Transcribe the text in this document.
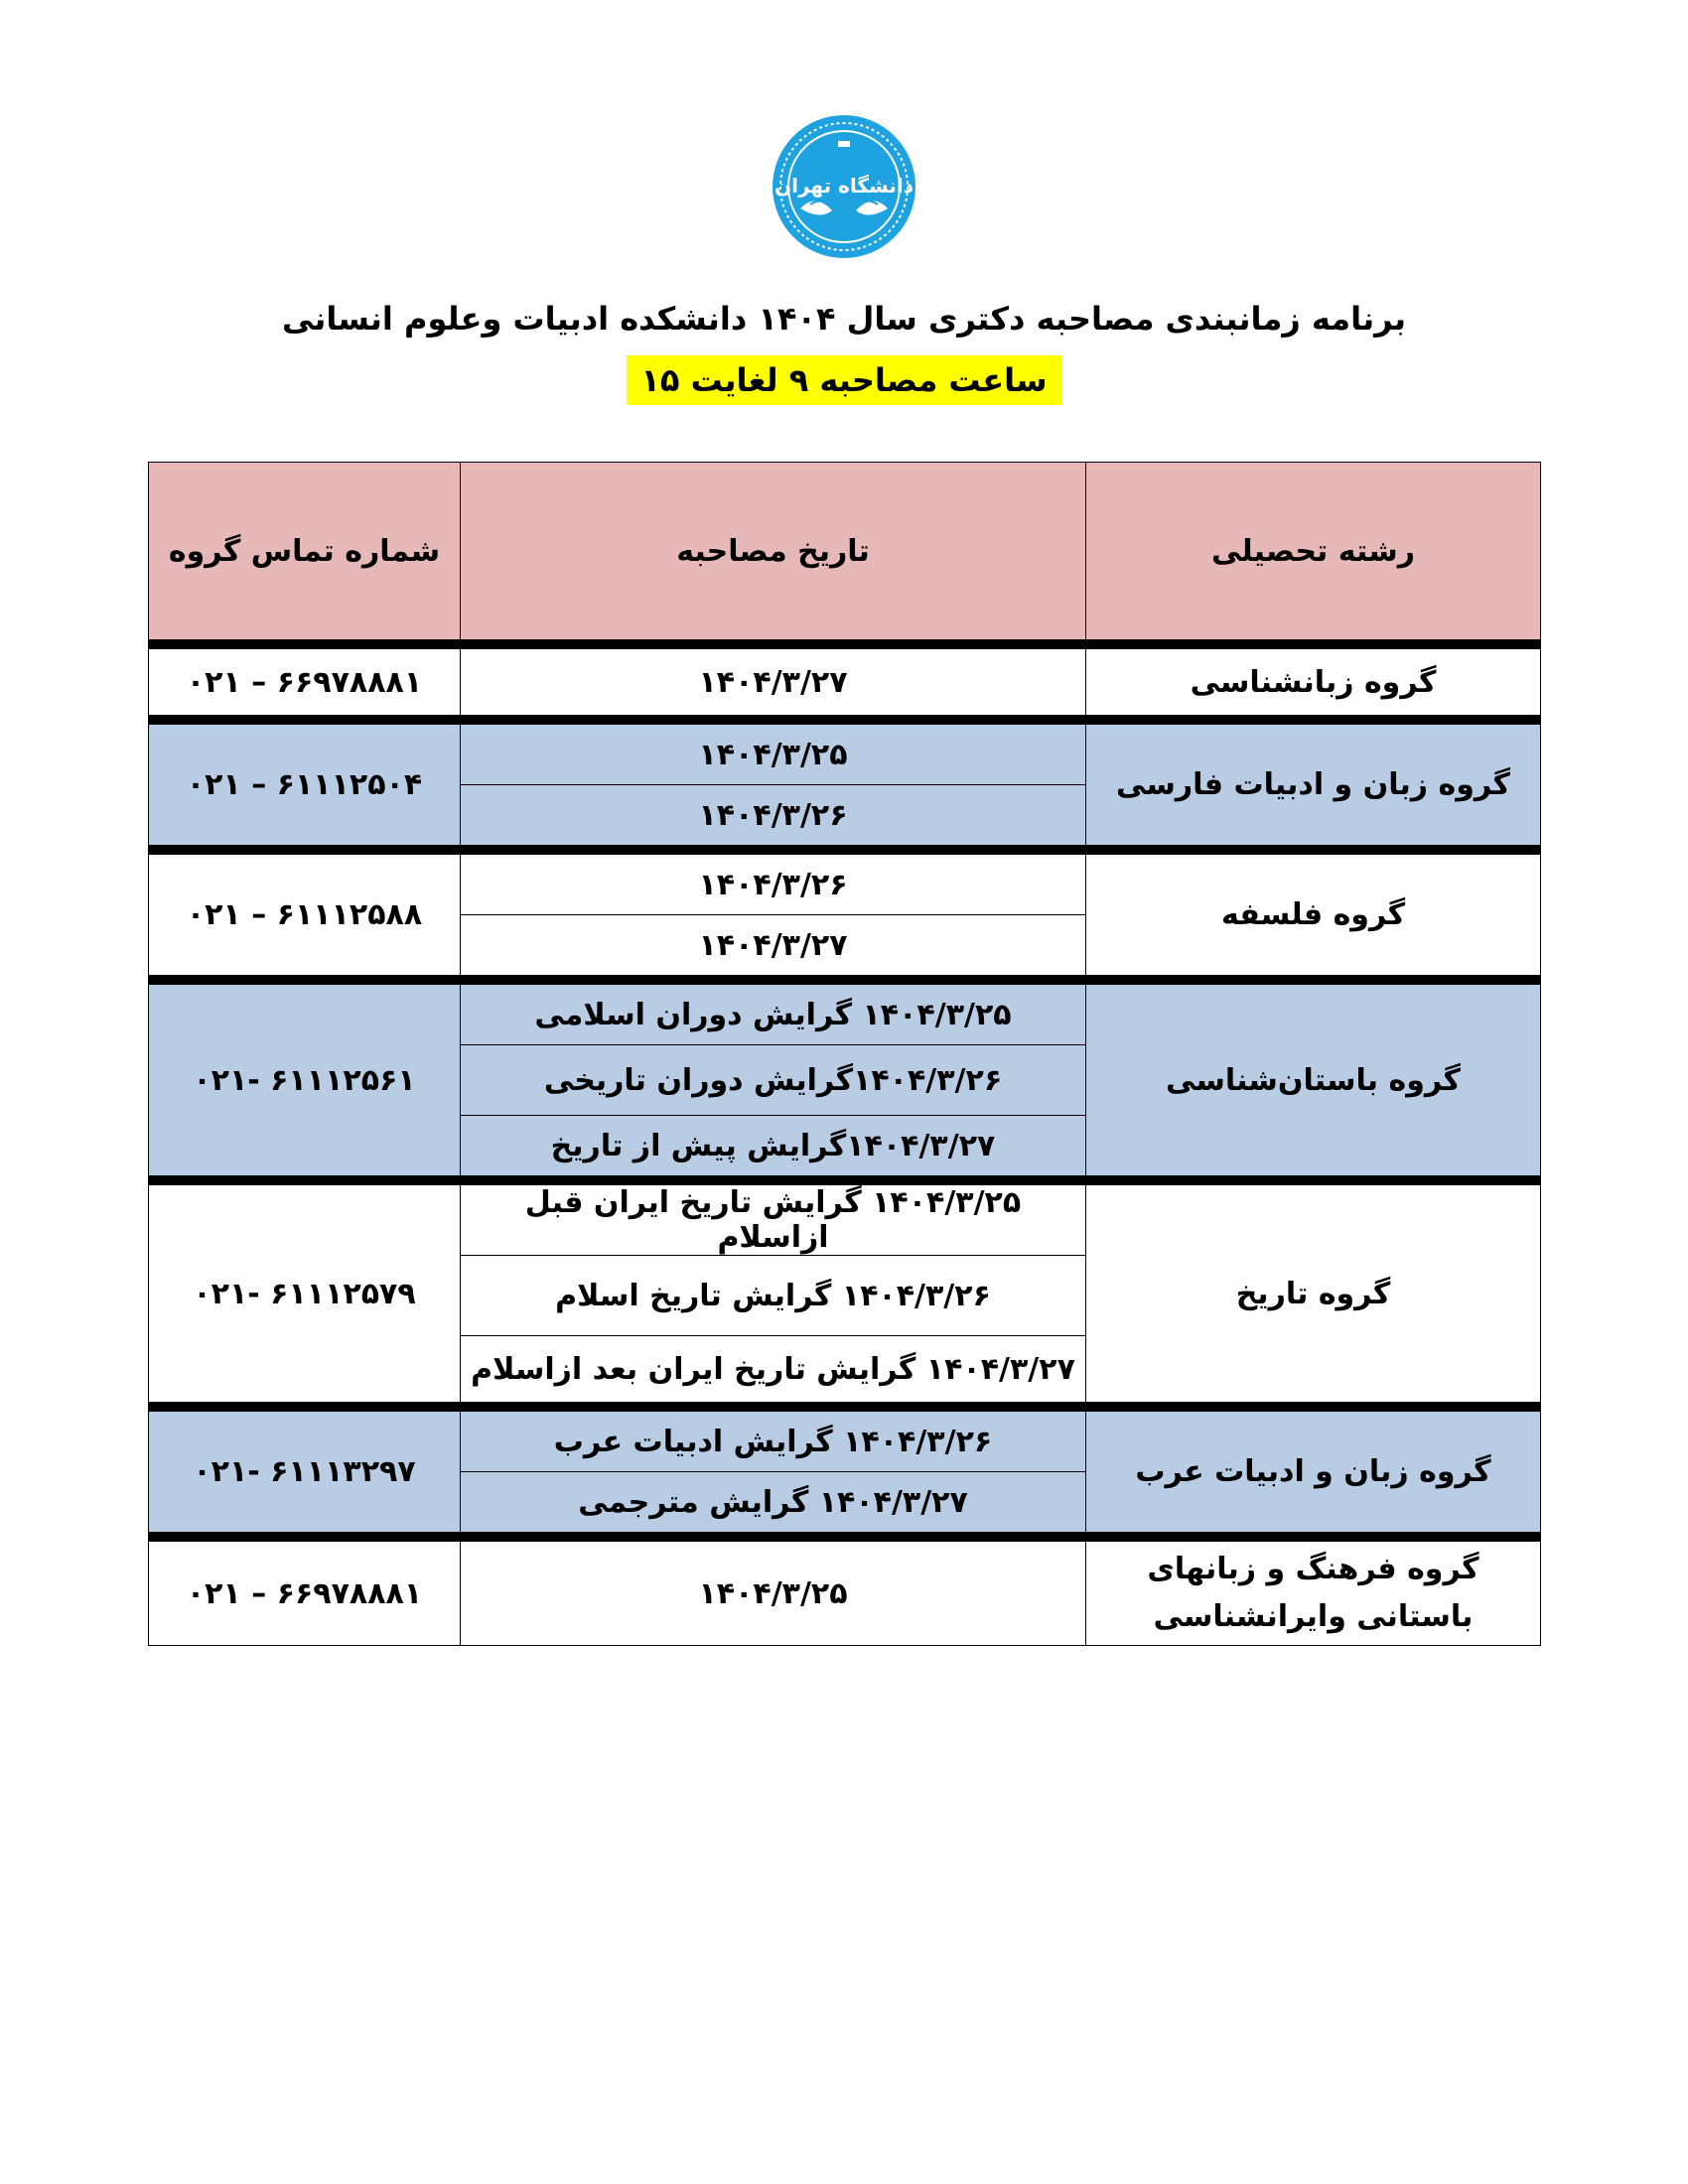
دانشگاه تهران
برنامه زمانبندی مصاحبه دکتری سال ۱۴۰۴ دانشکده ادبیات وعلوم انسانی
ساعت مصاحبه ۹ لغایت ۱۵
رشته تحصیلی	تاریخ مصاحبه	شماره تماس گروه
گروه زبانشناسی	۱۴۰۴/۳/۲۷	۰۲۱ – ۶۶۹۷۸۸۸۱
گروه زبان و ادبیات فارسی	۱۴۰۴/۳/۲۵	۰۲۱ – ۶۱۱۱۲۵۰۴
	۱۴۰۴/۳/۲۶	
گروه فلسفه	۱۴۰۴/۳/۲۶	۰۲۱ – ۶۱۱۱۲۵۸۸
	۱۴۰۴/۳/۲۷	
گروه باستان‌شناسی	۱۴۰۴/۳/۲۵ گرایش دوران اسلامی	۰۲۱- ۶۱۱۱۲۵۶۱
	۱۴۰۴/۳/۲۶گرایش دوران تاریخی	
	۱۴۰۴/۳/۲۷گرایش پیش از تاریخ	
گروه تاریخ	۱۴۰۴/۳/۲۵ گرایش تاریخ ایران قبل ازاسلام	۰۲۱- ۶۱۱۱۲۵۷۹
	۱۴۰۴/۳/۲۶ گرایش تاریخ اسلام	
	۱۴۰۴/۳/۲۷ گرایش تاریخ ایران بعد ازاسلام	
گروه زبان و ادبیات عرب	۱۴۰۴/۳/۲۶ گرایش ادبیات عرب	۰۲۱- ۶۱۱۱۳۲۹۷
	۱۴۰۴/۳/۲۷ گرایش مترجمی	
گروه فرهنگ و زبانهای باستانی وایرانشناسی	۱۴۰۴/۳/۲۵	۰۲۱ – ۶۶۹۷۸۸۸۱
